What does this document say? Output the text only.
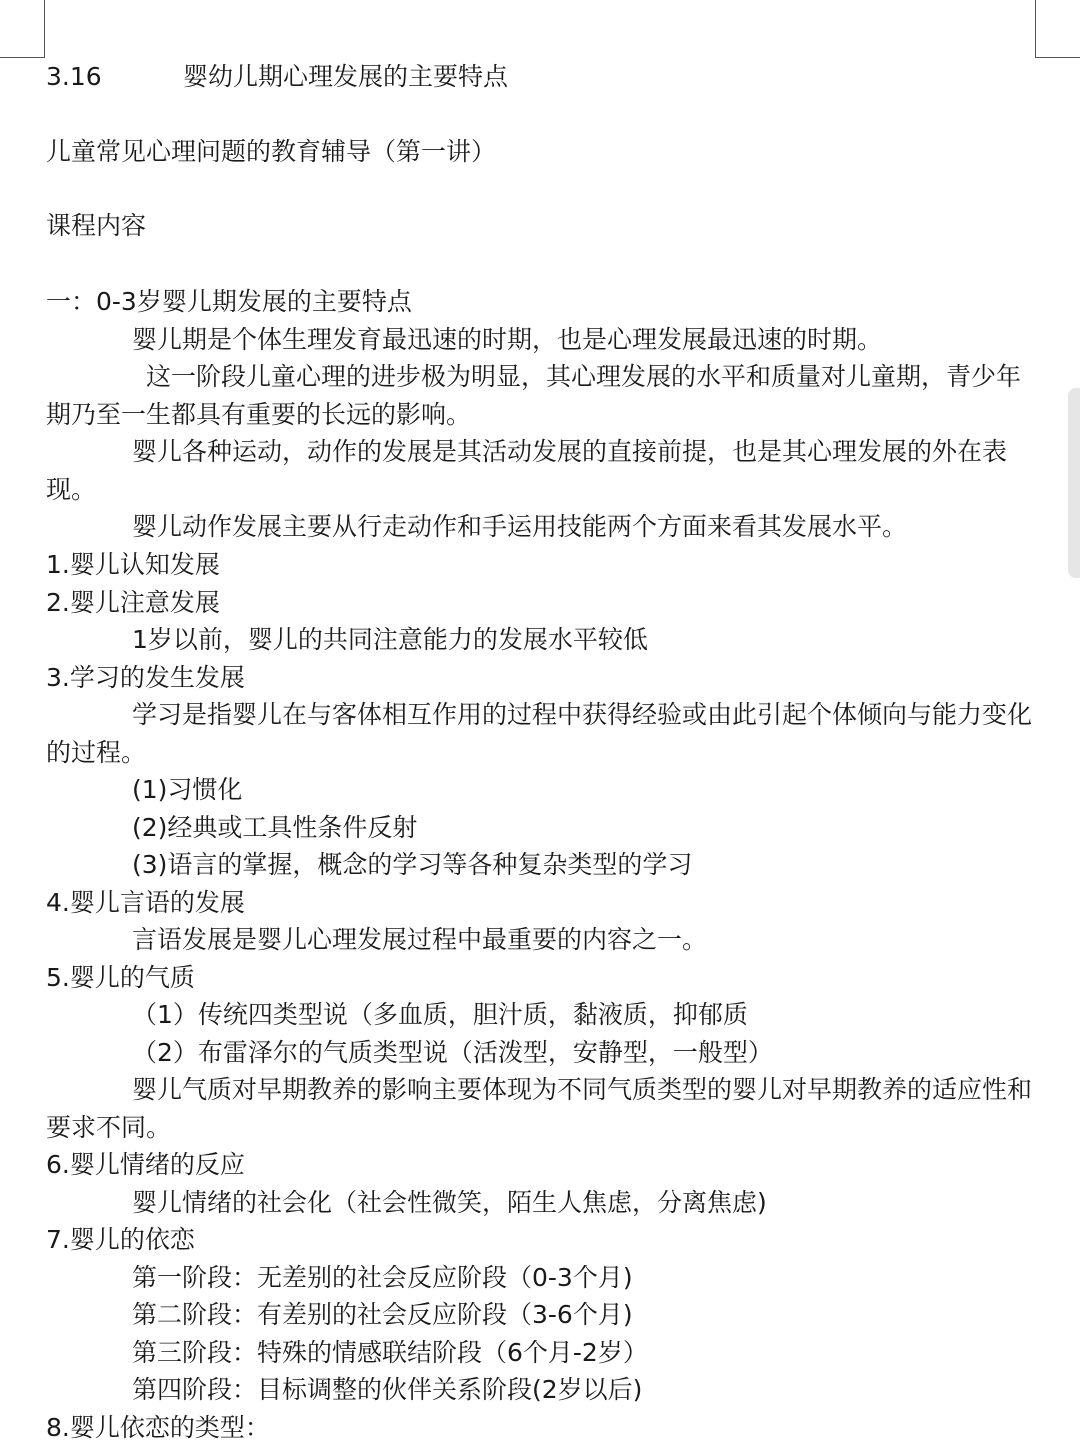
3.16	婴幼儿期心理发展的主要特点
儿童常见心理问题的教育辅导（第一讲）
课程内容
一：0-3岁婴儿期发展的主要特点
婴儿期是个体生理发育最迅速的时期，也是心理发展最迅速的时期。
这一阶段儿童心理的进步极为明显，其心理发展的水平和质量对儿童期，青少年
期乃至一生都具有重要的长远的影响。
婴儿各种运动，动作的发展是其活动发展的直接前提，也是其心理发展的外在表
现。
婴儿动作发展主要从行走动作和手运用技能两个方面来看其发展水平。
1.婴儿认知发展
2.婴儿注意发展
1岁以前，婴儿的共同注意能力的发展水平较低
3.学习的发生发展
学习是指婴儿在与客体相互作用的过程中获得经验或由此引起个体倾向与能力变化
的过程。
(1)习惯化
(2)经典或工具性条件反射
(3)语言的掌握，概念的学习等各种复杂类型的学习
4.婴儿言语的发展
言语发展是婴儿心理发展过程中最重要的内容之一。
5.婴儿的气质
（1）传统四类型说（多血质，胆汁质，黏液质，抑郁质
（2）布雷泽尔的气质类型说（活泼型，安静型，一般型）
婴儿气质对早期教养的影响主要体现为不同气质类型的婴儿对早期教养的适应性和
要求不同。
6.婴儿情绪的反应
婴儿情绪的社会化（社会性微笑，陌生人焦虑，分离焦虑)
7.婴儿的依恋
第一阶段：无差别的社会反应阶段（0-3个月)
第二阶段：有差别的社会反应阶段（3-6个月)
第三阶段：特殊的情感联结阶段（6个月-2岁）
第四阶段：目标调整的伙伴关系阶段(2岁以后)
8.婴儿依恋的类型：
